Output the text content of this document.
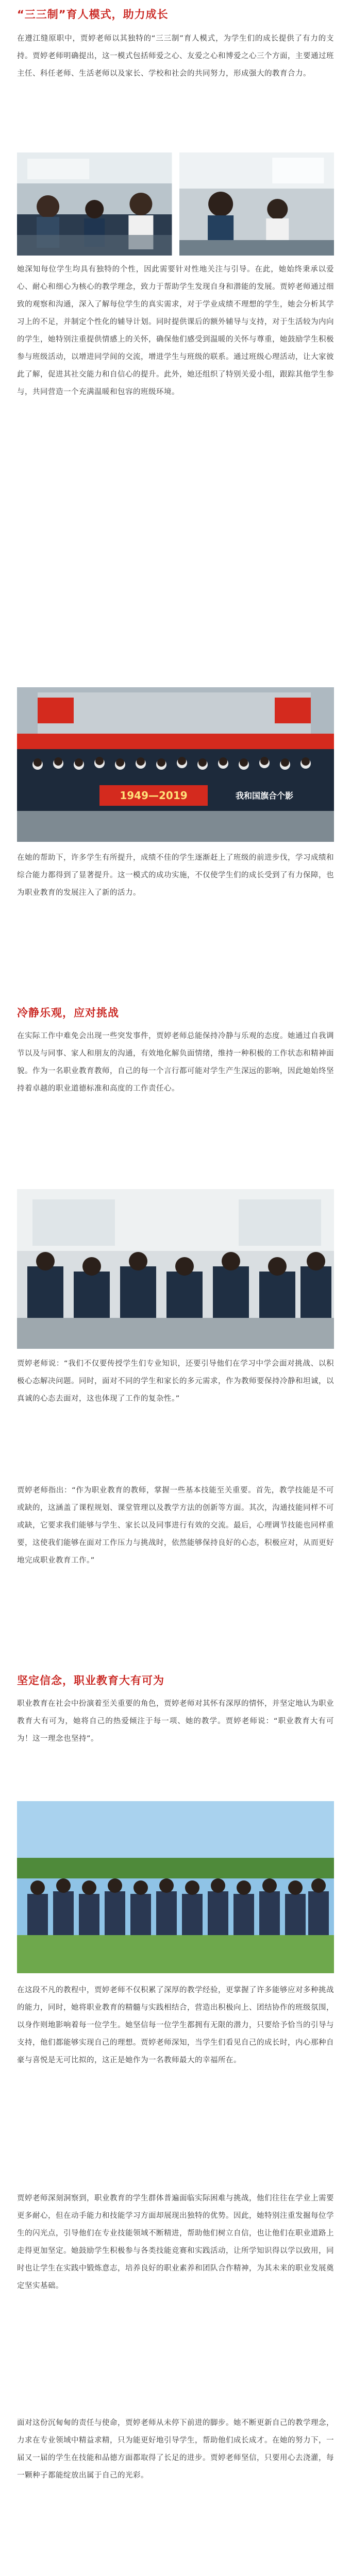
“三三制”育人模式，助力成长
在遵江缝原职中，贾婷老师以其独特的“三三制”育人模式，为学生们的成长提供了有力的支持。贾婷老师明确提出，这一模式包括师爱之心、友爱之心和博爱之心三个方面，主要通过班主任、科任老师、生活老师以及家长、学校和社会的共同努力，形成强大的教育合力。
她深知每位学生均具有独特的个性，因此需要针对性地关注与引导。在此，她始终秉承以爱心、耐心和细心为核心的教学理念，致力于帮助学生发现自身和潜能的发展。贾婷老师通过细致的观察和沟通，深入了解每位学生的真实需求，对于学业成绩不理想的学生，她会分析其学习上的不足，并制定个性化的辅导计划。同时提供课后的额外辅导与支持，对于生活较为内向的学生，她特别注重提供情感上的关怀，确保他们感受到温暖的关怀与尊重，她鼓励学生积极参与班级活动，以增进同学间的交流，增进学生与班级的联系。通过班级心理活动，让大家彼此了解，促进其社交能力和自信心的提升。此外，她还组织了特别关爱小组，跟踪其他学生参与，共同营造一个充满温暖和包容的班级环境。
1949—2019	我和国旗合个影
在她的帮助下，许多学生有所提升，成绩不佳的学生逐渐赶上了班级的前进步伐，学习成绩和综合能力都得到了显著提升。这一模式的成功实施，不仅使学生们的成长受到了有力保障，也为职业教育的发展注入了新的活力。
冷静乐观，应对挑战
在实际工作中难免会出现一些突发事件，贾婷老师总能保持冷静与乐观的态度。她通过自我调节以及与同事、家人和朋友的沟通，有效地化解负面情绪，维持一种积极的工作状态和精神面貌。作为一名职业教育教师，自己的每一个言行都可能对学生产生深远的影响，因此她始终坚持着卓越的职业道德标准和高度的工作责任心。
贾婷老师说：“我们不仅要传授学生们专业知识，还要引导他们在学习中学会面对挑战、以积极心态解决问题。同时，面对不同的学生和家长的多元需求，作为教师要保持冷静和坦诚，以真诚的心态去面对，这也体现了工作的复杂性。”
贾婷老师指出：“作为职业教育的教师，掌握一些基本技能至关重要。首先，教学技能是不可或缺的，这涵盖了课程规划、课堂管理以及教学方法的创新等方面。其次，沟通技能同样不可或缺，它要求我们能够与学生、家长以及同事进行有效的交流。最后，心理调节技能也同样重要，这使我们能够在面对工作压力与挑战时，依然能够保持良好的心态，积极应对，从而更好地完成职业教育工作。”
坚定信念，职业教育大有可为
职业教育在社会中扮演着至关重要的角色，贾婷老师对其怀有深厚的情怀，并坚定地认为职业教育大有可为，她将自己的热爱倾注于每一项、她的教学。贾婷老师说：“职业教育大有可为！这一理念也坚持”。
在这段不凡的教程中，贾婷老师不仅积累了深厚的教学经验，更掌握了许多能够应对多种挑战的能力，同时，她将职业教育的精髓与实践相结合，营造出积极向上、团结协作的班级氛围，以身作则地影响着每一位学生。她坚信每一位学生都拥有无限的潜力，只要给予恰当的引导与支持，他们都能够实现自己的理想。贾婷老师深知，当学生们看见自己的成长时，内心那种自豪与喜悦是无可比拟的，这正是她作为一名教师最大的幸福所在。
贾婷老师深刻洞察到，职业教育的学生群体普遍面临实际困难与挑战，他们往往在学业上需要更多耐心，但在动手能力和技能学习方面却展现出独特的优势。因此，她特别注重发掘每位学生的闪光点，引导他们在专业技能领域不断精进，帮助他们树立自信，也让他们在职业道路上走得更加坚定。她鼓励学生积极参与各类技能竞赛和实践活动，让所学知识得以学以致用，同时也让学生在实践中锻炼意志，培养良好的职业素养和团队合作精神，为其未来的职业发展奠定坚实基础。
面对这份沉甸甸的责任与使命，贾婷老师从未停下前进的脚步。她不断更新自己的教学理念，力求在专业领域中精益求精，只为能更好地引导学生，帮助他们成长成才。在她的努力下，一届又一届的学生在技能和品德方面都取得了长足的进步。贾婷老师坚信，只要用心去浇灌，每一颗种子都能绽放出属于自己的光彩。
